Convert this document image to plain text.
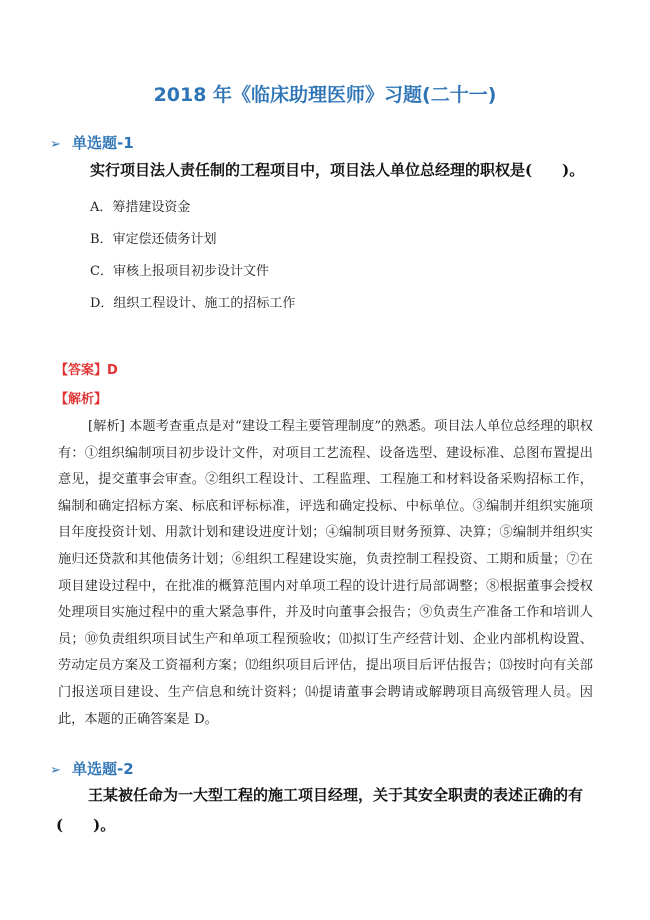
2018 年《临床助理医师》习题(二十一)
➢ 单选题-1
实行项目法人责任制的工程项目中，项目法人单位总经理的职权是(　　)。
A．筹措建设资金
B．审定偿还债务计划
C．审核上报项目初步设计文件
D．组织工程设计、施工的招标工作
【答案】D
【解析】

[解析] 本题考查重点是对“建设工程主要管理制度”的熟悉。项目法人单位总经理的职权有：①组织编制项目初步设计文件，对项目工艺流程、设备选型、建设标准、总图布置提出意见，提交董事会审查。②组织工程设计、工程监理、工程施工和材料设备采购招标工作，编制和确定招标方案、标底和评标标准，评选和确定投标、中标单位。③编制并组织实施项目年度投资计划、用款计划和建设进度计划；④编制项目财务预算、决算；⑤编制并组织实施归还贷款和其他债务计划；⑥组织工程建设实施，负责控制工程投资、工期和质量；⑦在项目建设过程中，在批准的概算范围内对单项工程的设计进行局部调整；⑧根据董事会授权处理项目实施过程中的重大紧急事件，并及时向董事会报告；⑨负责生产准备工作和培训人员；⑩负责组织项目试生产和单项工程预验收；⑾拟订生产经营计划、企业内部机构设置、劳动定员方案及工资福利方案；⑿组织项目后评估，提出项目后评估报告；⒀按时向有关部门报送项目建设、生产信息和统计资料；⒁提请董事会聘请或解聘项目高级管理人员。因此，本题的正确答案是 D。

➢ 单选题-2

王某被任命为一大型工程的施工项目经理，关于其安全职责的表述正确的有(　　)。
